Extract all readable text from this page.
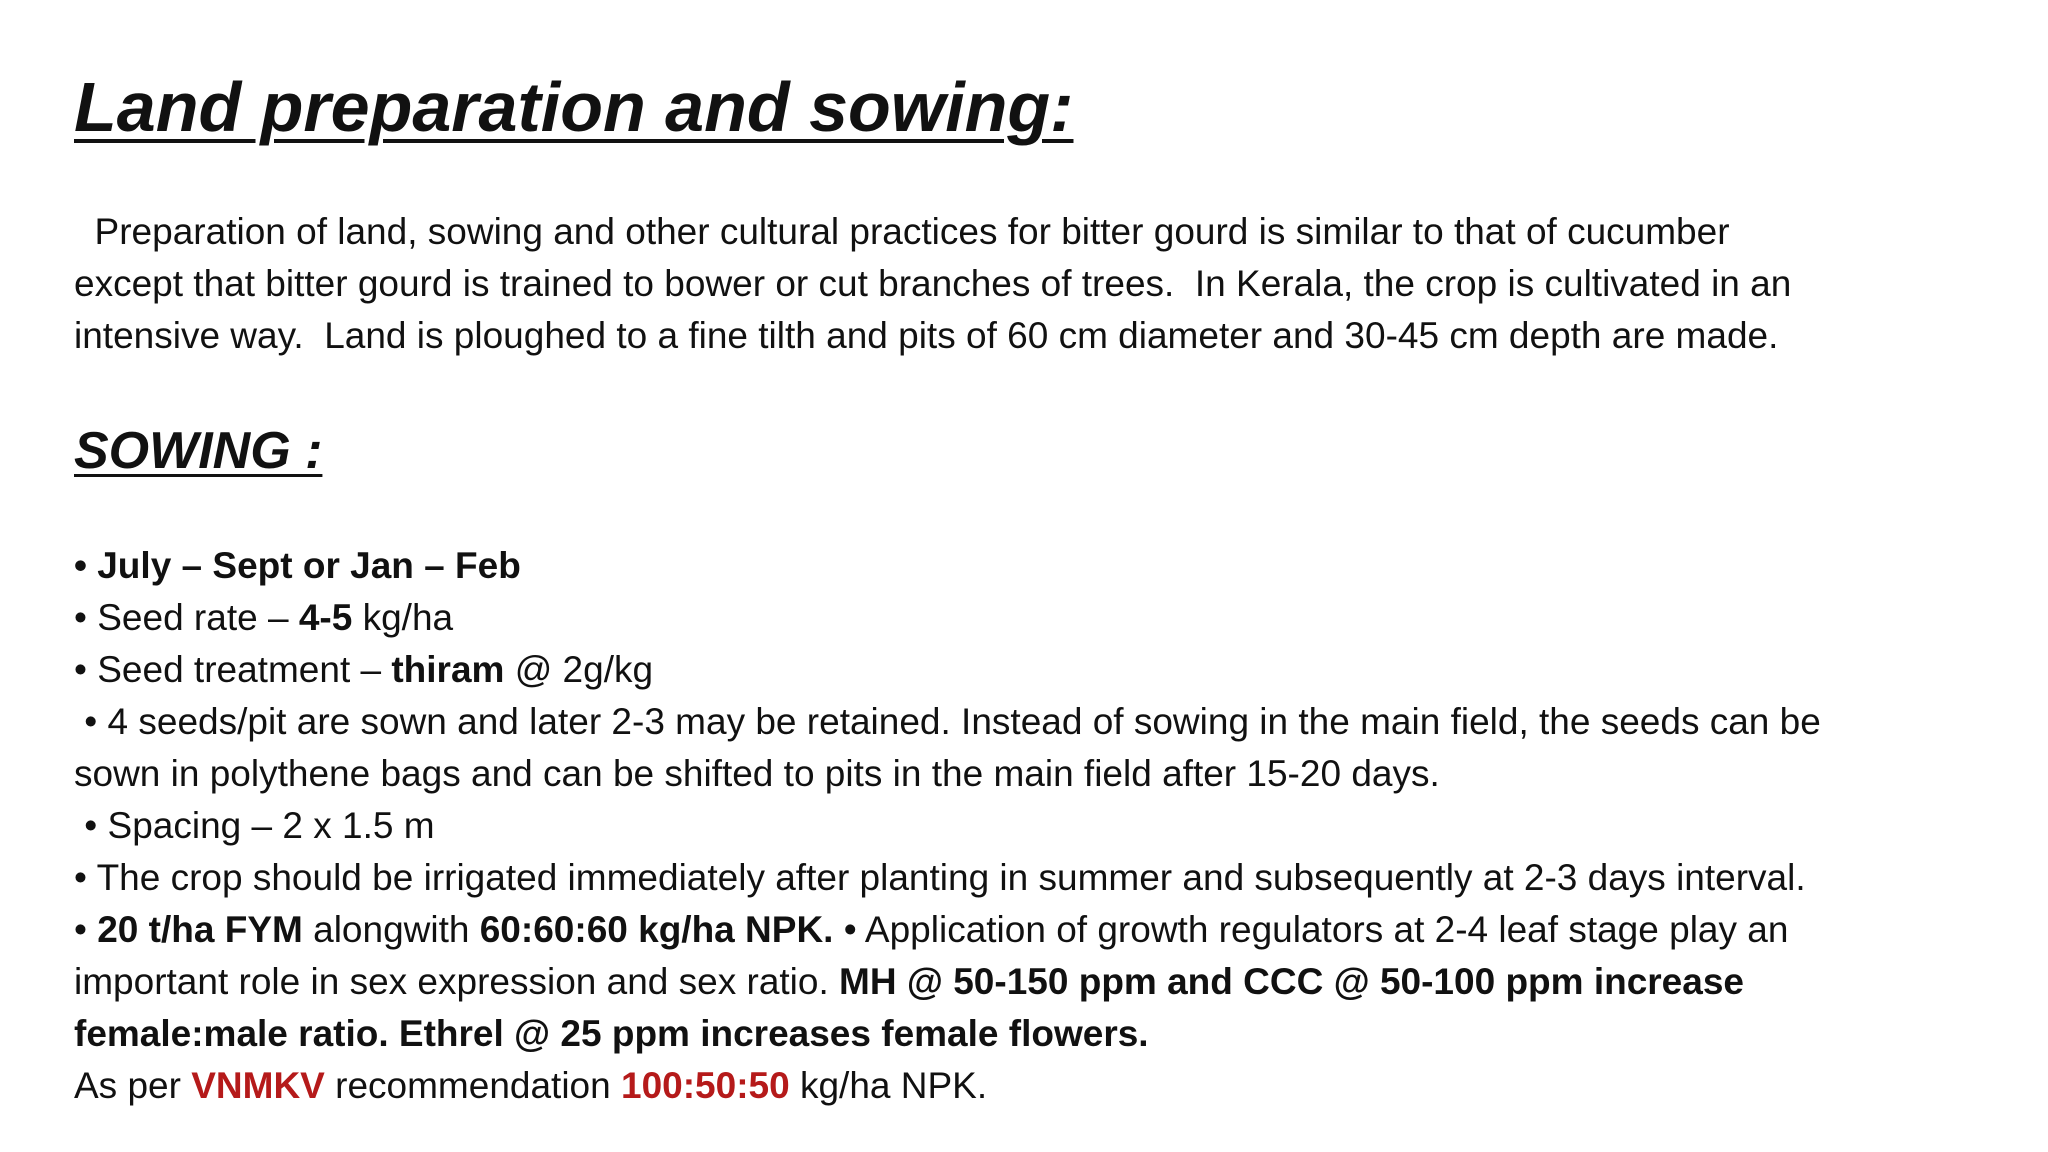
Land preparation and sowing:

Preparation of land, sowing and other cultural practices for bitter gourd is similar to that of cucumber
except that bitter gourd is trained to bower or cut branches of trees.  In Kerala, the crop is cultivated in an
intensive way.  Land is ploughed to a fine tilth and pits of 60 cm diameter and 30-45 cm depth are made.

SOWING :
• July – Sept or Jan – Feb
• Seed rate – 4-5 kg/ha
• Seed treatment – thiram @ 2g/kg
• 4 seeds/pit are sown and later 2-3 may be retained. Instead of sowing in the main field, the seeds can be
sown in polythene bags and can be shifted to pits in the main field after 15-20 days.
• Spacing – 2 x 1.5 m
• The crop should be irrigated immediately after planting in summer and subsequently at 2-3 days interval.
• 20 t/ha FYM alongwith 60:60:60 kg/ha NPK. • Application of growth regulators at 2-4 leaf stage play an
important role in sex expression and sex ratio. MH @ 50-150 ppm and CCC @ 50-100 ppm increase
female:male ratio. Ethrel @ 25 ppm increases female flowers.
As per VNMKV recommendation 100:50:50 kg/ha NPK.
